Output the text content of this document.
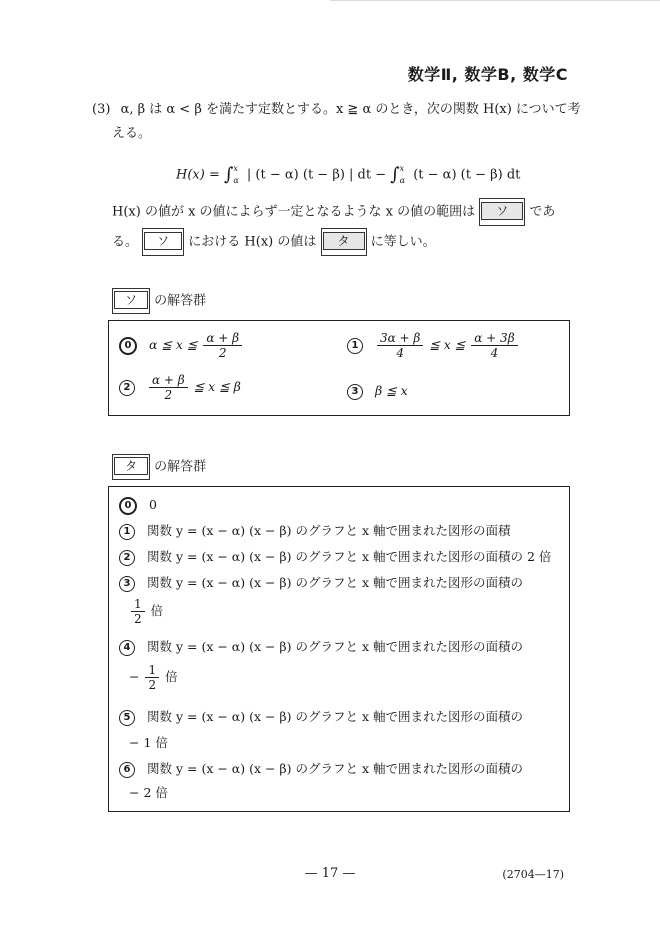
数学Ⅱ, 数学B, 数学C
(3) α, β は α < β を満たす定数とする。x ≧ α のとき，次の関数 H(x) について考
える。
H(x) = ∫ x
α | (t − α) (t − β) | dt − ∫ x
α (t − α) (t − β) dt
H(x) の値が x の値によらず一定となるような x の値の範囲は ソ であ
る。 ソ における H(x) の値は タ に等しい。
ソ の解答群
0 α ≦ x ≦ $\frac{\alpha + \beta}{2}$	$1 \frac{3\alpha + \beta}{4}$ ≦ x ≦ $\frac{\alpha + 3\beta}{4}$
$2 \frac{\alpha + \beta}{2}$ ≦ x ≦ β	3 β ≦ x
タ の解答群
0 0
1 関数 y = (x − α) (x − β) のグラフと x 軸で囲まれた図形の面積
2 関数 y = (x − α) (x − β) のグラフと x 軸で囲まれた図形の面積の 2 倍
3 関数 y = (x − α) (x − β) のグラフと x 軸で囲まれた図形の面積の
$\frac{1}{2}$ 倍
4 関数 y = (x − α) (x − β) のグラフと x 軸で囲まれた図形の面積の
− $\frac{1}{2}$ 倍
5 関数 y = (x − α) (x − β) のグラフと x 軸で囲まれた図形の面積の
− 1 倍
6 関数 y = (x − α) (x − β) のグラフと x 軸で囲まれた図形の面積の
− 2 倍
— 17 —	(2704—17)
